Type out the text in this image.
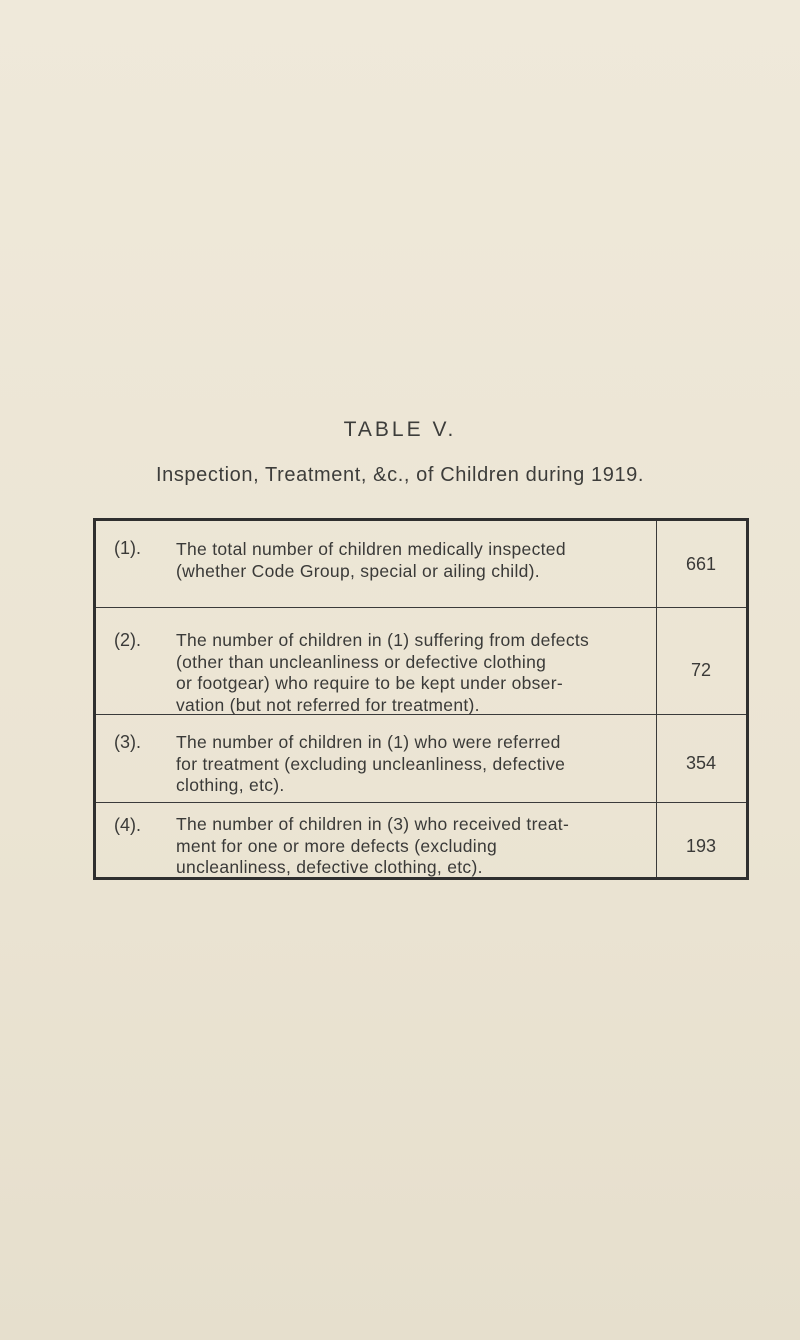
TABLE V.
Inspection, Treatment, &c., of Children during 1919.
(1). The total number of children medically inspected
(whether Code Group, special or ailing child).	661
(2). The number of children in (1) suffering from defects
(other than uncleanliness or defective clothing
or footgear) who require to be kept under obser-
vation (but not referred for treatment).
72
(3). The number of children in (1) who were referred
for treatment (excluding uncleanliness, defective
clothing, etc).
354
(4). The number of children in (3) who received treat-
ment for one or more defects (excluding
uncleanliness, defective clothing, etc).
193
